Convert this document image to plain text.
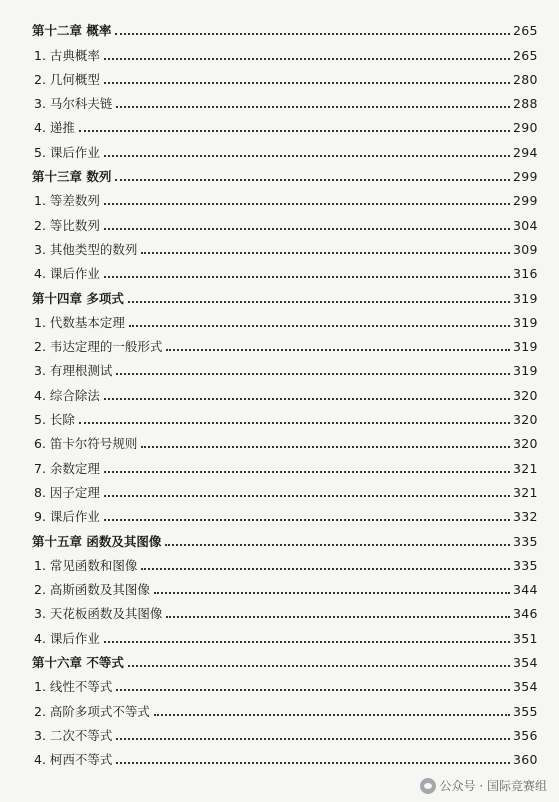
第十二章 概率	265
1. 古典概率	265
2. 几何概型	280
3. 马尔科夫链	288
4. 递推	290
5. 课后作业	294
第十三章 数列	299
1. 等差数列	299
2. 等比数列	304
3. 其他类型的数列	309
4. 课后作业	316
第十四章 多项式	319
1. 代数基本定理	319
2. 韦达定理的一般形式	319
3. 有理根测试	319
4. 综合除法	320
5. 长除	320
6. 笛卡尔符号规则	320
7. 余数定理	321
8. 因子定理	321
9. 课后作业	332
第十五章 函数及其图像	335
1. 常见函数和图像	335
2. 高斯函数及其图像	344
3. 天花板函数及其图像	346
4. 课后作业	351
第十六章 不等式	354
1. 线性不等式	354
2. 高阶多项式不等式	355
3. 二次不等式	356
4. 柯西不等式	360
公众号 · 国际竞赛组
